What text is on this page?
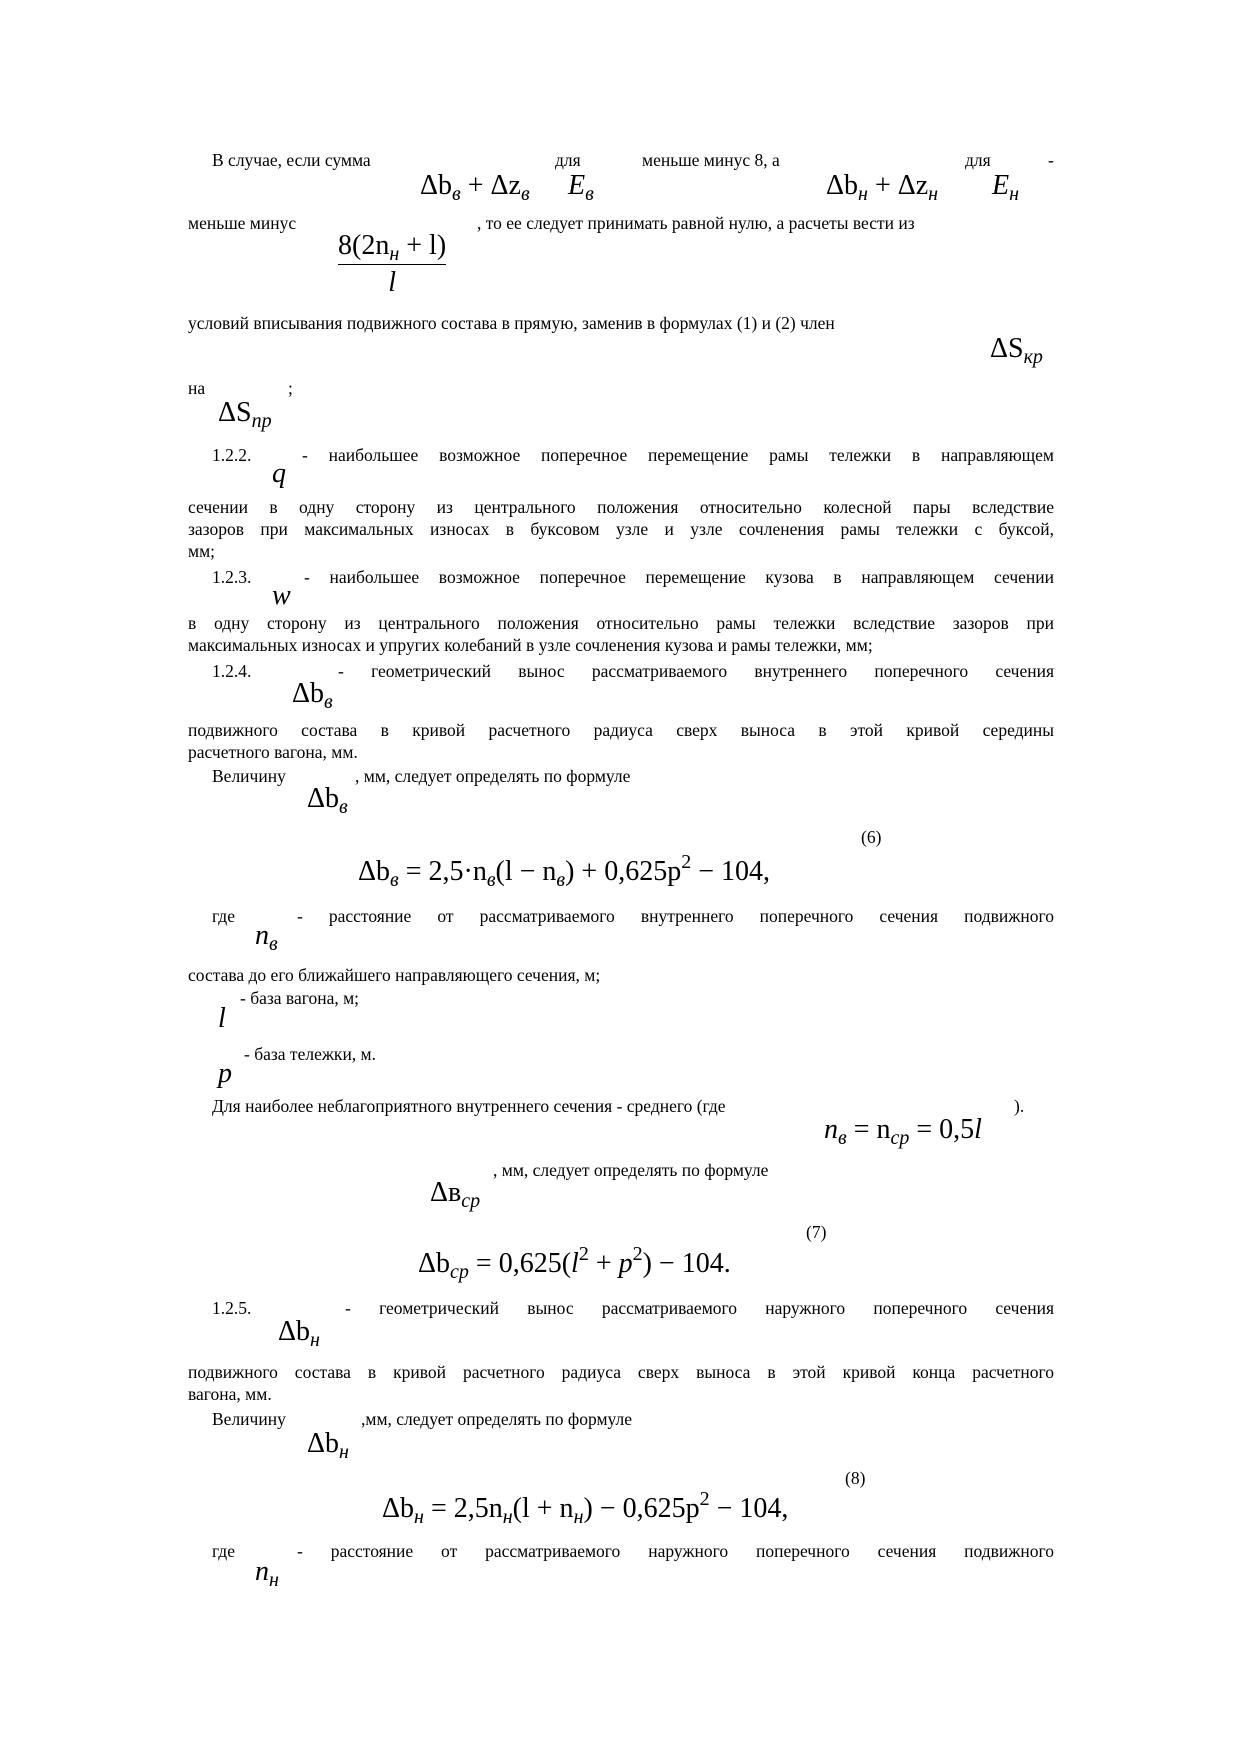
В случае, если сумма
$\Delta b_в + \Delta z_в$
для
$E_в$
меньше минус 8, а
$\Delta b_н + \Delta z_н$
для
$E_н$
-
меньше минус
$8(2n_н + l)$
l
, то ее следует принимать равной нулю, а расчеты вести из
условий вписывания подвижного состава в прямую, заменив в формулах (1) и (2) член
$\Delta S_{кр}$
на	;
$\Delta S_{пр}$
1.2.2.
q
- наибольшее возможное поперечное перемещение рамы тележки в направляющем
сечении в одну сторону из центрального положения относительно колесной пары вследствие
зазоров при максимальных износах в буксовом узле и узле сочленения рамы тележки с буксой,
мм;
1.2.3.
w
- наибольшее возможное поперечное перемещение кузова в направляющем сечении
в одну сторону из центрального положения относительно рамы тележки вследствие зазоров при
максимальных износах и упругих колебаний в узле сочленения кузова и рамы тележки, мм;
1.2.4.
$\Delta b_в$
- геометрический вынос рассматриваемого внутреннего поперечного сечения
подвижного состава в кривой расчетного радиуса сверх выноса в этой кривой середины
расчетного вагона, мм.
Величину
$\Delta b_в$
, мм, следует определять по формуле
(6)
$\Delta b_в = 2,5\cdot n_в(l - n_в) + 0,625p^2 - 104$,
где
$n_в$
- расстояние от рассматриваемого внутреннего поперечного сечения подвижного
состава до его ближайшего направляющего сечения, м;
l
- база вагона, м;
p
- база тележки, м.
Для наиболее неблагоприятного внутреннего сечения - среднего (где
$n_в = n_{ср} = 0,5l$
).
$\Delta в_{ср}$
, мм, следует определять по формуле
(7)
$\Delta b_{ср} = 0,625(l^2 + p^2) - 104$.
1.2.5.
$\Delta b_н$
- геометрический вынос рассматриваемого наружного поперечного сечения
подвижного состава в кривой расчетного радиуса сверх выноса в этой кривой конца расчетного
вагона, мм.
Величину
$\Delta b_н$
,мм, следует определять по формуле
(8)
$\Delta b_н = 2,5n_н(l + n_н) - 0,625p^2 - 104$,
где
$n_н$
- расстояние от рассматриваемого наружного поперечного сечения подвижного
